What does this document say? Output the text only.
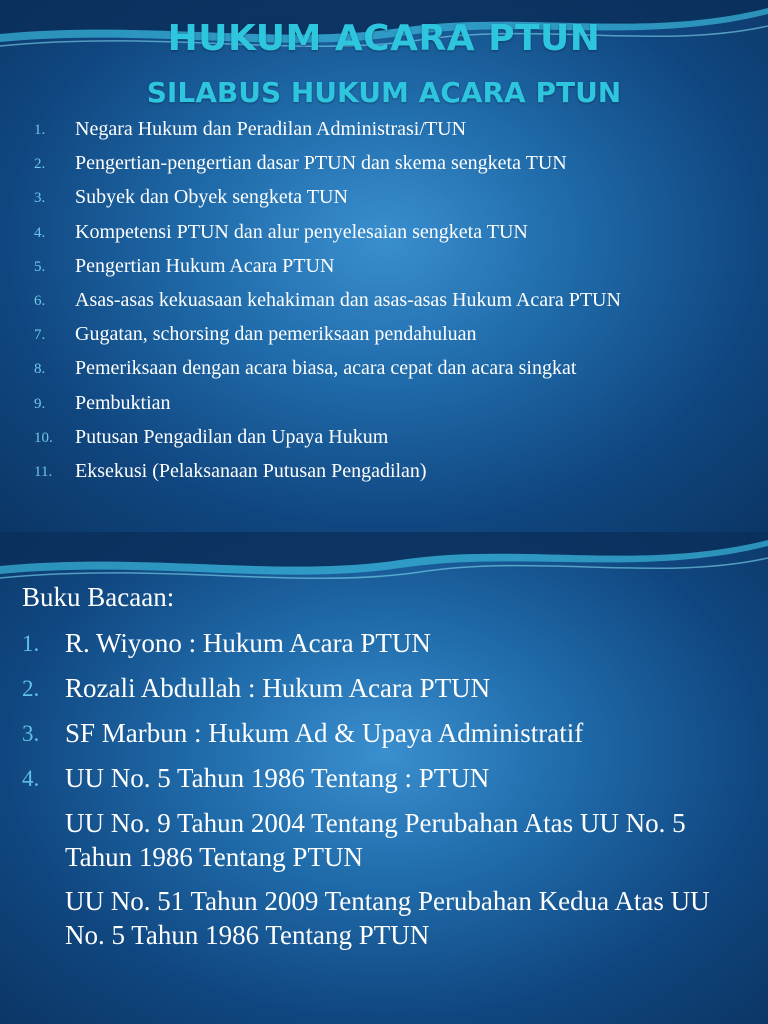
HUKUM ACARA PTUN
SILABUS HUKUM ACARA PTUN
1. Negara Hukum dan Peradilan Administrasi/TUN
2. Pengertian-pengertian dasar PTUN dan skema sengketa TUN
3. Subyek dan Obyek sengketa TUN
4. Kompetensi PTUN dan alur penyelesaian sengketa TUN
5. Pengertian Hukum Acara PTUN
6. Asas-asas kekuasaan kehakiman dan asas-asas Hukum Acara PTUN
7. Gugatan, schorsing dan pemeriksaan pendahuluan
8. Pemeriksaan dengan acara biasa, acara cepat dan acara singkat
9. Pembuktian
10. Putusan Pengadilan dan Upaya Hukum
11. Eksekusi (Pelaksanaan Putusan Pengadilan)

Buku Bacaan:

1. R. Wiyono : Hukum Acara PTUN
2. Rozali Abdullah : Hukum Acara PTUN
3. SF Marbun : Hukum Ad & Upaya Administratif
4. UU No. 5 Tahun 1986 Tentang : PTUN
UU No. 9 Tahun 2004 Tentang Perubahan Atas UU No. 5 Tahun 1986 Tentang PTUN
UU No. 51 Tahun 2009 Tentang Perubahan Kedua Atas UU No. 5 Tahun 1986 Tentang PTUN
